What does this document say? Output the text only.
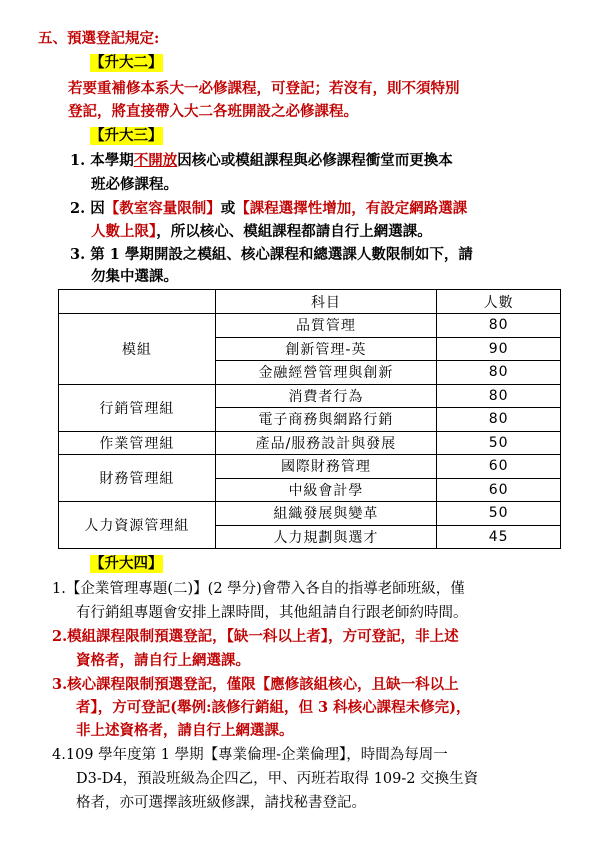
五、預選登記規定:
【升大二】
若要重補修本系大一必修課程，可登記；若沒有，則不須特別
登記，將直接帶入大二各班開設之必修課程。
【升大三】
1. 本學期不開放因核心或模組課程與必修課程衝堂而更換本
班必修課程。
2. 因【教室容量限制】或【課程選擇性增加，有設定網路選課
人數上限】，所以核心、模組課程都請自行上網選課。
3. 第 1 學期開設之模組、核心課程和總選課人數限制如下，請
勿集中選課。
	科目	人數
模組	品質管理	80
	創新管理-英	90
	金融經營管理與創新	80
行銷管理組	消費者行為	80
	電子商務與網路行銷	80
作業管理組	產品/服務設計與發展	50
財務管理組	國際財務管理	60
	中級會計學	60
人力資源管理組	組織發展與變革	50
	人力規劃與選才	45
【升大四】
1.【企業管理專題(二)】(2 學分)會帶入各自的指導老師班級，僅
有行銷組專題會安排上課時間，其他組請自行跟老師約時間。
2.模組課程限制預選登記，【缺一科以上者】，方可登記，非上述
資格者，請自行上網選課。
3.核心課程限制預選登記，僅限【應修該組核心，且缺一科以上
者】，方可登記(舉例:該修行銷組，但 3 科核心課程未修完)，
非上述資格者，請自行上網選課。
4.109 學年度第 1 學期【專業倫理-企業倫理】，時間為每周一
D3-D4，預設班級為企四乙，甲、丙班若取得 109-2 交換生資
格者，亦可選擇該班級修課，請找秘書登記。
